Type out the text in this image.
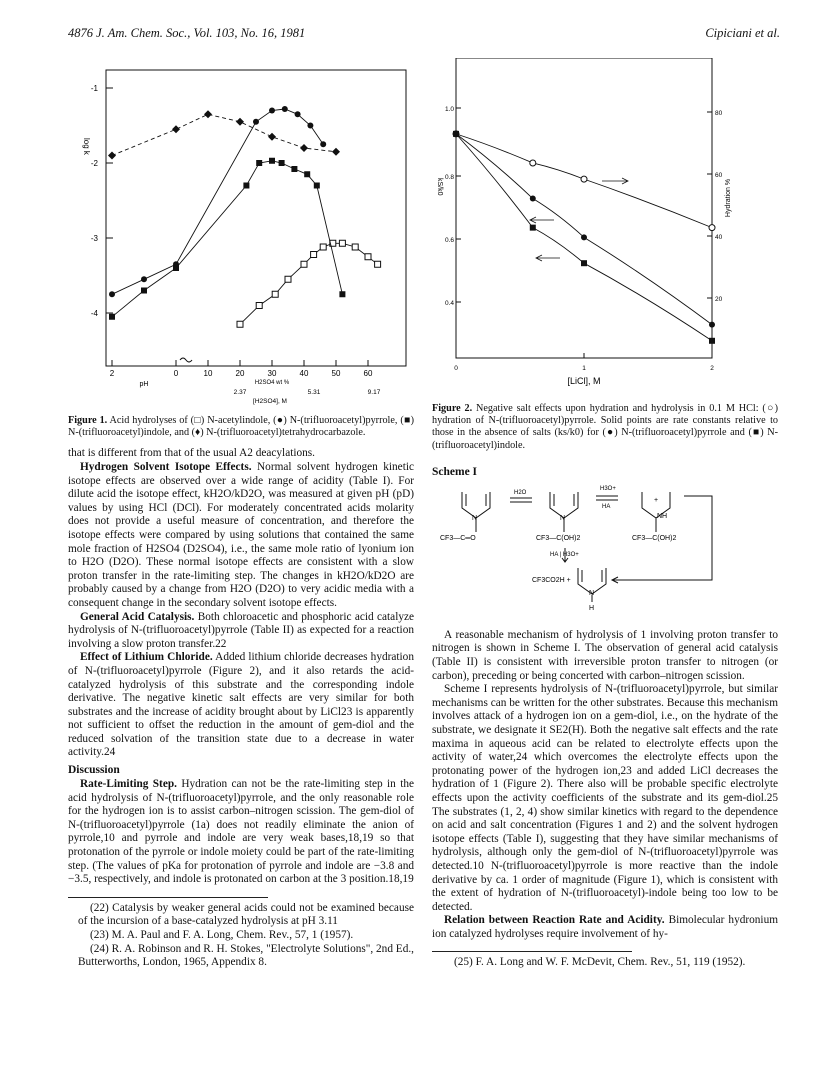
4876 J. Am. Chem. Soc., Vol. 103, No. 16, 1981	Cipiciani et al.
-1
-2
-3
-4
log k
2	0
pH
10	20	30	40	50	60
H2SO4 wt %
2.37	5.31	9.17
[H2SO4], M

Figure 1. Acid hydrolyses of (□) N-acetylindole, (●) N-(trifluoroacetyl)pyrrole, (■) N-(trifluoroacetyl)indole, and (♦) N-(trifluoroacetyl)tetrahydrocarbazole.

that is different from that of the usual A2 deacylations.

Hydrogen Solvent Isotope Effects. Normal solvent hydrogen kinetic isotope effects are observed over a wide range of acidity (Table I). For dilute acid the isotope effect, kH2O/kD2O, was measured at given pH (pD) values by using HCl (DCl). For moderately concentrated acids molarity does not provide a useful measure of concentration, and therefore the isotope effects were compared by using solutions that contained the same mole fraction of H2SO4 (D2SO4), i.e., the same mole ratio of lyonium ion to H2O (D2O). These normal isotope effects are consistent with a slow proton transfer in the rate-limiting step. The changes in kH2O/kD2O are probably caused by a change from H2O (D2O) to very acidic media with a consequent change in the secondary solvent isotope effects.

General Acid Catalysis. Both chloroacetic and phosphoric acid catalyze hydrolysis of N-(trifluoroacetyl)pyrrole (Table II) as expected for a reaction involving a slow proton transfer.22

Effect of Lithium Chloride. Added lithium chloride decreases hydration of N-(trifluoroacetyl)pyrrole (Figure 2), and it also retards the acid-catalyzed hydrolysis of this substrate and the corresponding indole derivative. The negative kinetic salt effects are very similar for both substrates and the increase of acidity brought about by LiCl23 is apparently not sufficient to offset the reduction in the amount of gem-diol and the reduced solvation of the transition state due to a decrease in water activity.24

Discussion

Rate-Limiting Step. Hydration can not be the rate-limiting step in the acid hydrolysis of N-(trifluoroacetyl)pyrrole, and the only reasonable role for the hydrogen ion is to assist carbon–nitrogen scission. The gem-diol of N-(trifluoroacetyl)pyrrole (1a) does not readily eliminate the anion of pyrrole,10 and pyrrole and indole are very weak bases,18,19 so that protonation of the pyrrole or indole moiety could be part of the rate-limiting step. (The values of pKa for protonation of pyrrole and indole are −3.8 and −3.5, respectively, and indole is protonated on carbon at the 3 position.18,19

(22) Catalysis by weaker general acids could not be examined because of the incursion of a base-catalyzed hydrolysis at pH 3.11

(23) M. A. Paul and F. A. Long, Chem. Rev., 57, 1 (1957).

(24) R. A. Robinson and R. H. Stokes, "Electrolyte Solutions", 2nd Ed., Butterworths, London, 1965, Appendix 8.

1.0
0.8
0.6
0.4
kS/k0
80
60
40
20
Hydration %
0	1	2
[LiCl], M

Figure 2. Negative salt effects upon hydration and hydrolysis in 0.1 M HCl: (○) hydration of N-(trifluoroacetyl)pyrrole. Solid points are rate constants relative to those in the absence of salts (ks/k0) for (●) N-(trifluoroacetyl)pyrrole and (■) N-(trifluoroacetyl)indole.

Scheme I
N
CF3—C═O
H2O
N
CF3—C(OH)2
H3O+
HA
+
NH
CF3—C(OH)2
HA | H3O+
CF3CO2H +
N
H

A reasonable mechanism of hydrolysis of 1 involving proton transfer to nitrogen is shown in Scheme I. The observation of general acid catalysis (Table II) is consistent with irreversible proton transfer to nitrogen (or carbon), preceding or being concerted with carbon–nitrogen scission.

Scheme I represents hydrolysis of N-(trifluoroacetyl)pyrrole, but similar mechanisms can be written for the other substrates. Because this mechanism involves attack of a hydrogen ion on a gem-diol, i.e., on the hydrate of the substrate, we designate it SE2(H). Both the negative salt effects and the rate maxima in aqueous acid can be related to electrolyte effects upon the activity of water,24 which overcomes the electrolyte effects upon the protonating power of the hydrogen ion,23 and added LiCl decreases the hydration of 1 (Figure 2). There also will be probable specific electrolyte effects upon the activity coefficients of the substrate and its gem-diol.25 The substrates (1, 2, 4) show similar kinetics with regard to the dependence on acid and salt concentration (Figures 1 and 2) and the solvent hydrogen isotope effects (Table I), suggesting that they have similar mechanisms of hydrolysis, although only the gem-diol of N-(trifluoroacetyl)pyrrole was detected.10 N-(trifluoroacetyl)pyrrole is more reactive than the indole derivative by ca. 1 order of magnitude (Figure 1), which is consistent with the extent of hydration of N-(trifluoroacetyl)-indole being too low to be detected.

Relation between Reaction Rate and Acidity. Bimolecular hydronium ion catalyzed hydrolyses require involvement of hy-

(25) F. A. Long and W. F. McDevit, Chem. Rev., 51, 119 (1952).
